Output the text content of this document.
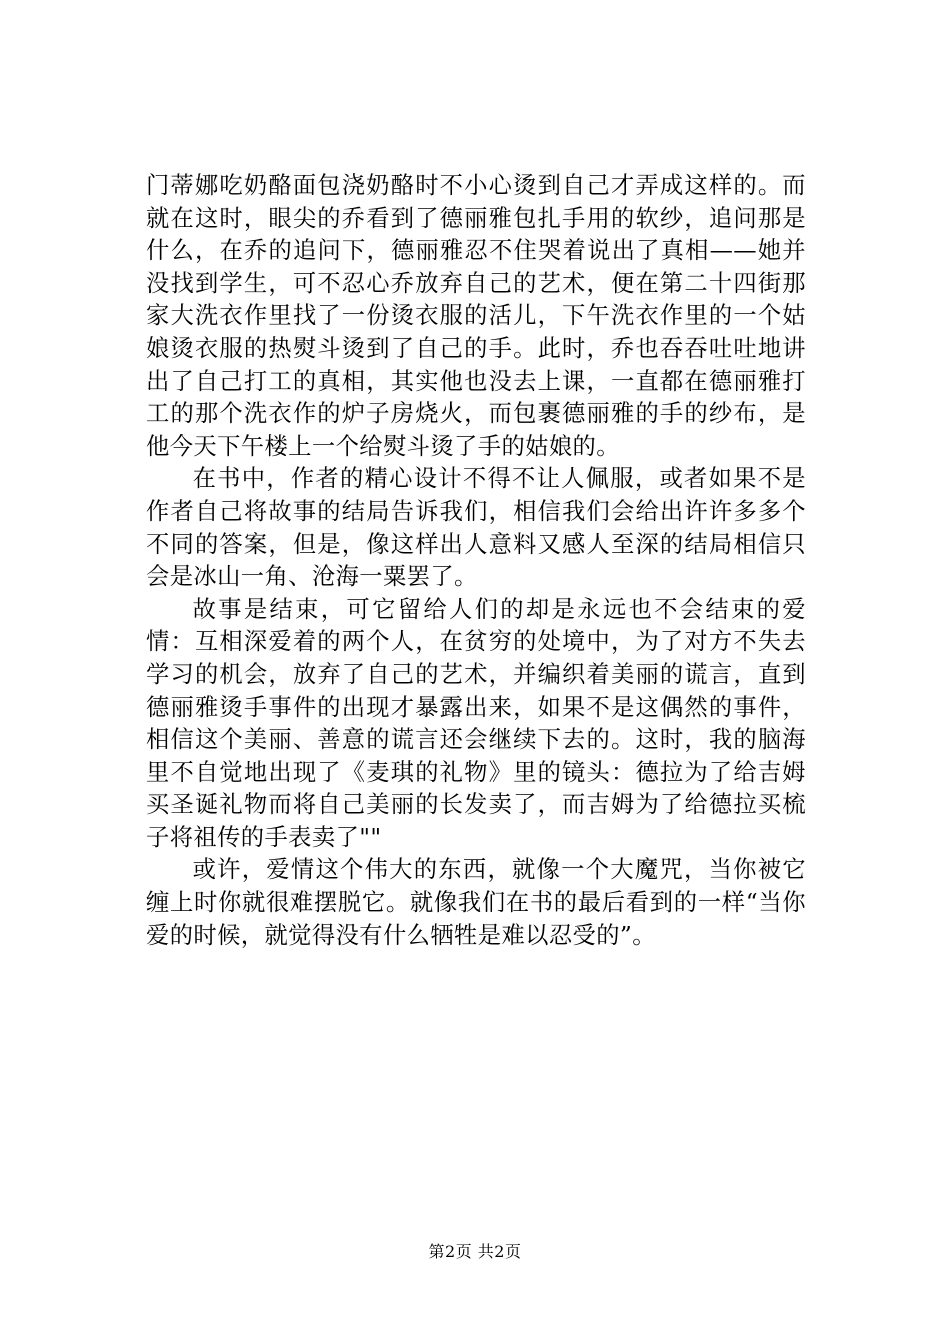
门蒂娜吃奶酪面包浇奶酪时不小心烫到自己才弄成这样的。而就在这时，眼尖的乔看到了德丽雅包扎手用的软纱，追问那是什么，在乔的追问下，德丽雅忍不住哭着说出了真相——她并没找到学生，可不忍心乔放弃自己的艺术，便在第二十四街那家大洗衣作里找了一份烫衣服的活儿，下午洗衣作里的一个姑娘烫衣服的热熨斗烫到了自己的手。此时，乔也吞吞吐吐地讲出了自己打工的真相，其实他也没去上课，一直都在德丽雅打工的那个洗衣作的炉子房烧火，而包裹德丽雅的手的纱布，是他今天下午楼上一个给熨斗烫了手的姑娘的。

在书中，作者的精心设计不得不让人佩服，或者如果不是作者自己将故事的结局告诉我们，相信我们会给出许许多多个不同的答案，但是，像这样出人意料又感人至深的结局相信只会是冰山一角、沧海一粟罢了。

故事是结束，可它留给人们的却是永远也不会结束的爱情：互相深爱着的两个人，在贫穷的处境中，为了对方不失去学习的机会，放弃了自己的艺术，并编织着美丽的谎言，直到德丽雅烫手事件的出现才暴露出来，如果不是这偶然的事件，相信这个美丽、善意的谎言还会继续下去的。这时，我的脑海里不自觉地出现了《麦琪的礼物》里的镜头：德拉为了给吉姆买圣诞礼物而将自己美丽的长发卖了，而吉姆为了给德拉买梳子将祖传的手表卖了""

或许，爱情这个伟大的东西，就像一个大魔咒，当你被它缠上时你就很难摆脱它。就像我们在书的最后看到的一样“当你爱的时候，就觉得没有什么牺牲是难以忍受的”。

第2页 共2页
